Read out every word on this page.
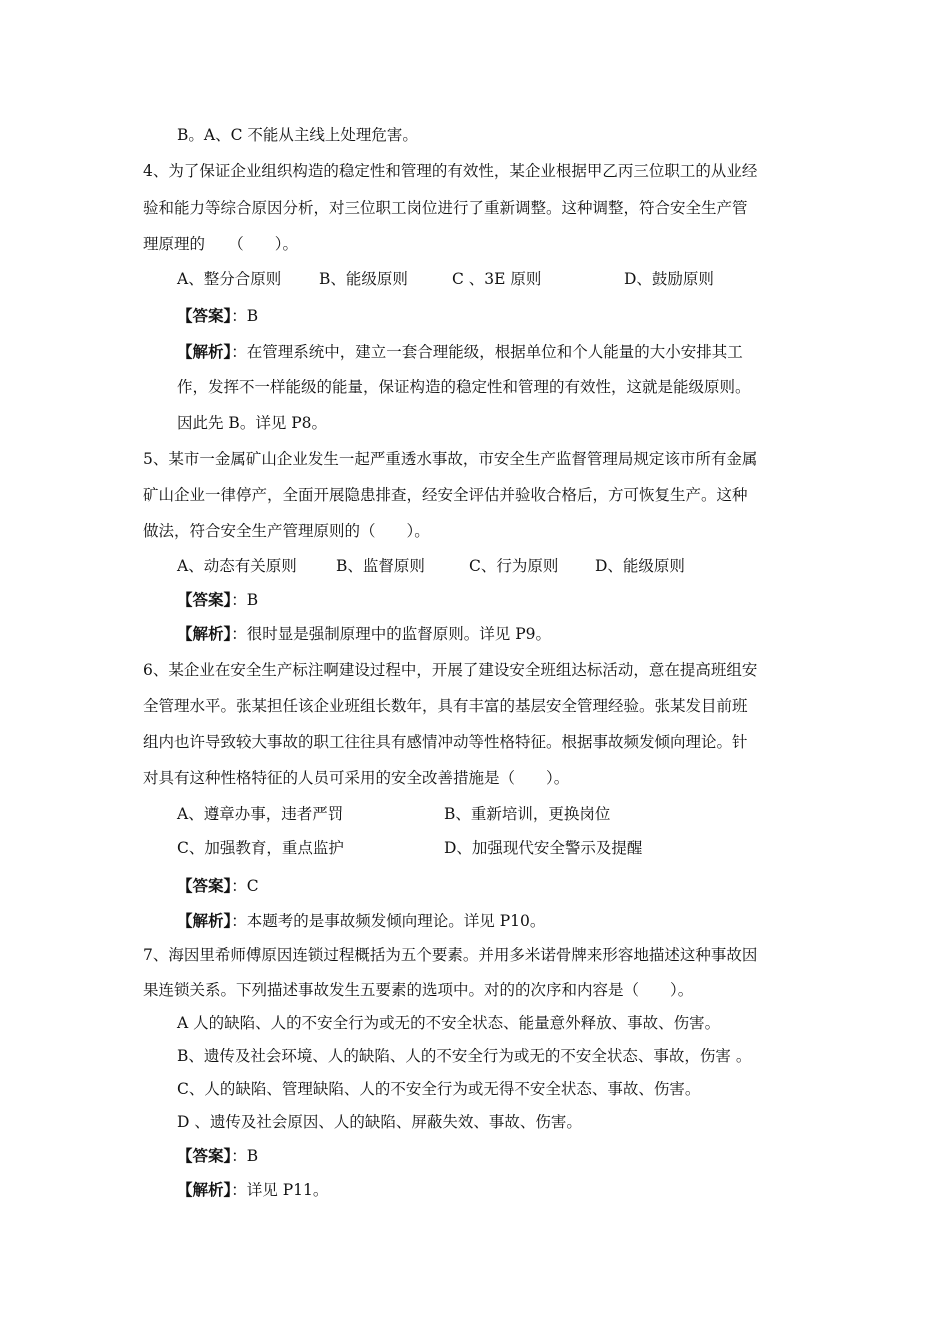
B。A、C 不能从主线上处理危害。
4、为了保证企业组织构造的稳定性和管理的有效性，某企业根据甲乙丙三位职工的从业经
验和能力等综合原因分析，对三位职工岗位进行了重新调整。这种调整，符合安全生产管
理原理的　　（　　）。
A、整分合原则 B、能级原则	C 、3E 原则	D、鼓励原则
【答案】：B
【解析】：在管理系统中，建立一套合理能级，根据单位和个人能量的大小安排其工
作，发挥不一样能级的能量，保证构造的稳定性和管理的有效性，这就是能级原则。
因此先 B。详见 P8。
5、某市一金属矿山企业发生一起严重透水事故，市安全生产监督管理局规定该市所有金属
矿山企业一律停产，全面开展隐患排查，经安全评估并验收合格后，方可恢复生产。这种
做法，符合安全生产管理原则的（　　）。
A、动态有关原则	B、监督原则	C、行为原则 D、能级原则
【答案】：B
【解析】：很时显是强制原理中的监督原则。详见 P9。
6、某企业在安全生产标注啊建设过程中，开展了建设安全班组达标活动，意在提高班组安
全管理水平。张某担任该企业班组长数年，具有丰富的基层安全管理经验。张某发目前班
组内也许导致较大事故的职工往往具有感情冲动等性格特征。根据事故频发倾向理论。针
对具有这种性格特征的人员可采用的安全改善措施是（　　）。
A、遵章办事，违者严罚	B、重新培训，更换岗位
C、加强教育，重点监护	D、加强现代安全警示及提醒
【答案】：C
【解析】：本题考的是事故频发倾向理论。详见 P10。
7、海因里希师傅原因连锁过程概括为五个要素。并用多米诺骨牌来形容地描述这种事故因
果连锁关系。下列描述事故发生五要素的选项中。对的的次序和内容是（　　）。
A 人的缺陷、人的不安全行为或无的不安全状态、能量意外释放、事故、伤害。
B、遗传及社会环境、人的缺陷、人的不安全行为或无的不安全状态、事故，伤害 。
C、人的缺陷、管理缺陷、人的不安全行为或无得不安全状态、事故、伤害。
D 、遗传及社会原因、人的缺陷、屏蔽失效、事故、伤害。
【答案】：B
【解析】：详见 P11。
